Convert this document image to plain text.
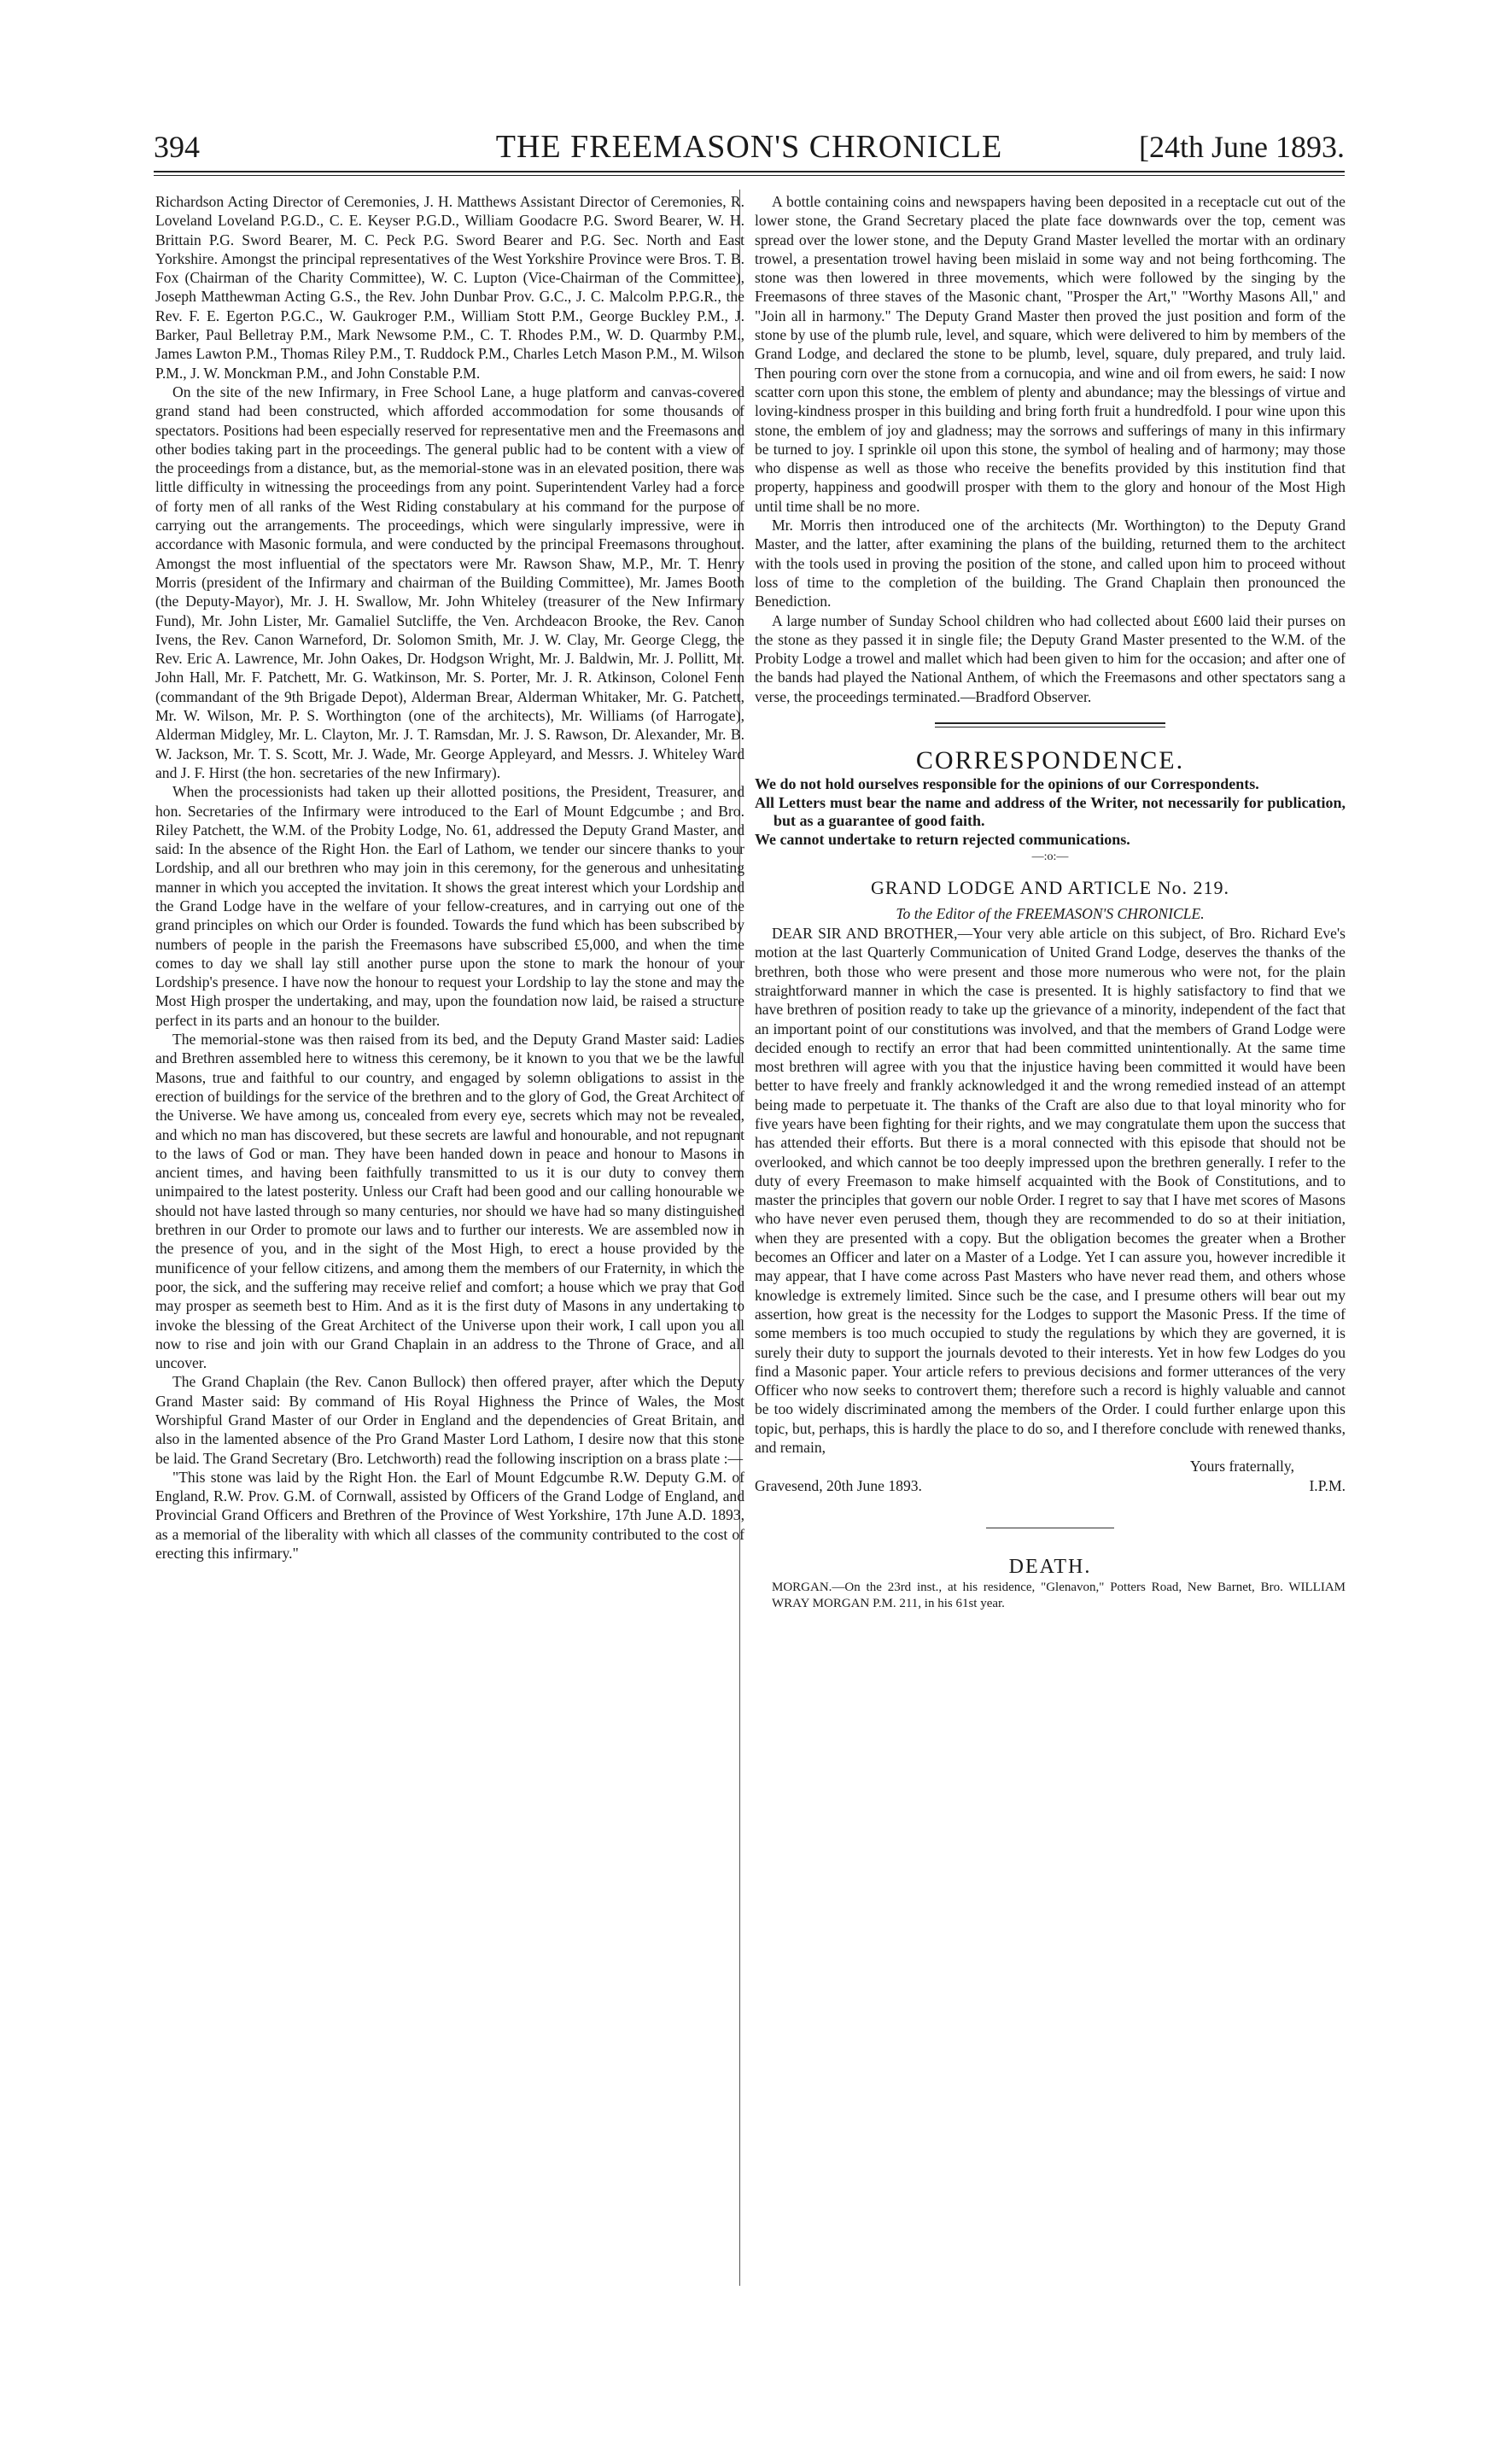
394	THE FREEMASON'S CHRONICLE	[24th June 1893.

Richardson Acting Director of Ceremonies, J. H. Matthews Assistant Director of Ceremonies, R. Loveland Loveland P.G.D., C. E. Keyser P.G.D., William Goodacre P.G. Sword Bearer, W. H. Brittain P.G. Sword Bearer, M. C. Peck P.G. Sword Bearer and P.G. Sec. North and East Yorkshire. Amongst the principal representatives of the West Yorkshire Province were Bros. T. B. Fox (Chairman of the Charity Committee), W. C. Lupton (Vice-Chairman of the Committee), Joseph Matthewman Acting G.S., the Rev. John Dunbar Prov. G.C., J. C. Malcolm P.P.G.R., the Rev. F. E. Egerton P.G.C., W. Gaukroger P.M., William Stott P.M., George Buckley P.M., J. Barker, Paul Belletray P.M., Mark Newsome P.M., C. T. Rhodes P.M., W. D. Quarmby P.M., James Lawton P.M., Thomas Riley P.M., T. Ruddock P.M., Charles Letch Mason P.M., M. Wilson P.M., J. W. Monckman P.M., and John Constable P.M.

On the site of the new Infirmary, in Free School Lane, a huge platform and canvas-covered grand stand had been constructed, which afforded accommodation for some thousands of spectators. Positions had been especially reserved for representative men and the Freemasons and other bodies taking part in the proceedings. The general public had to be content with a view of the proceedings from a distance, but, as the memorial-stone was in an elevated position, there was little difficulty in witnessing the proceedings from any point. Superintendent Varley had a force of forty men of all ranks of the West Riding constabulary at his command for the purpose of carrying out the arrangements. The proceedings, which were singularly impressive, were in accordance with Masonic formula, and were conducted by the principal Freemasons throughout. Amongst the most influential of the spectators were Mr. Rawson Shaw, M.P., Mr. T. Henry Morris (president of the Infirmary and chairman of the Building Committee), Mr. James Booth (the Deputy-Mayor), Mr. J. H. Swallow, Mr. John Whiteley (treasurer of the New Infirmary Fund), Mr. John Lister, Mr. Gamaliel Sutcliffe, the Ven. Archdeacon Brooke, the Rev. Canon Ivens, the Rev. Canon Warneford, Dr. Solomon Smith, Mr. J. W. Clay, Mr. George Clegg, the Rev. Eric A. Lawrence, Mr. John Oakes, Dr. Hodgson Wright, Mr. J. Baldwin, Mr. J. Pollitt, Mr. John Hall, Mr. F. Patchett, Mr. G. Watkinson, Mr. S. Porter, Mr. J. R. Atkinson, Colonel Fenn (commandant of the 9th Brigade Depot), Alderman Brear, Alderman Whitaker, Mr. G. Patchett, Mr. W. Wilson, Mr. P. S. Worthington (one of the architects), Mr. Williams (of Harrogate), Alderman Midgley, Mr. L. Clayton, Mr. J. T. Ramsdan, Mr. J. S. Rawson, Dr. Alexander, Mr. B. W. Jackson, Mr. T. S. Scott, Mr. J. Wade, Mr. George Appleyard, and Messrs. J. Whiteley Ward and J. F. Hirst (the hon. secretaries of the new Infirmary).

When the processionists had taken up their allotted positions, the President, Treasurer, and hon. Secretaries of the Infirmary were introduced to the Earl of Mount Edgcumbe ; and Bro. Riley Patchett, the W.M. of the Probity Lodge, No. 61, addressed the Deputy Grand Master, and said: In the absence of the Right Hon. the Earl of Lathom, we tender our sincere thanks to your Lordship, and all our brethren who may join in this ceremony, for the generous and unhesitating manner in which you accepted the invitation. It shows the great interest which your Lordship and the Grand Lodge have in the welfare of your fellow-creatures, and in carrying out one of the grand principles on which our Order is founded. Towards the fund which has been subscribed by numbers of people in the parish the Freemasons have subscribed £5,000, and when the time comes to day we shall lay still another purse upon the stone to mark the honour of your Lordship's presence. I have now the honour to request your Lordship to lay the stone and may the Most High prosper the undertaking, and may, upon the foundation now laid, be raised a structure perfect in its parts and an honour to the builder.

The memorial-stone was then raised from its bed, and the Deputy Grand Master said: Ladies and Brethren assembled here to witness this ceremony, be it known to you that we be the lawful Masons, true and faithful to our country, and engaged by solemn obligations to assist in the erection of buildings for the service of the brethren and to the glory of God, the Great Architect of the Universe. We have among us, concealed from every eye, secrets which may not be revealed, and which no man has discovered, but these secrets are lawful and honourable, and not repugnant to the laws of God or man. They have been handed down in peace and honour to Masons in ancient times, and having been faithfully transmitted to us it is our duty to convey them unimpaired to the latest posterity. Unless our Craft had been good and our calling honourable we should not have lasted through so many centuries, nor should we have had so many distinguished brethren in our Order to promote our laws and to further our interests. We are assembled now in the presence of you, and in the sight of the Most High, to erect a house provided by the munificence of your fellow citizens, and among them the members of our Fraternity, in which the poor, the sick, and the suffering may receive relief and comfort; a house which we pray that God may prosper as seemeth best to Him. And as it is the first duty of Masons in any undertaking to invoke the blessing of the Great Architect of the Universe upon their work, I call upon you all now to rise and join with our Grand Chaplain in an address to the Throne of Grace, and all uncover.

The Grand Chaplain (the Rev. Canon Bullock) then offered prayer, after which the Deputy Grand Master said: By command of His Royal Highness the Prince of Wales, the Most Worshipful Grand Master of our Order in England and the dependencies of Great Britain, and also in the lamented absence of the Pro Grand Master Lord Lathom, I desire now that this stone be laid. The Grand Secretary (Bro. Letchworth) read the following inscription on a brass plate :—

"This stone was laid by the Right Hon. the Earl of Mount Edgcumbe R.W. Deputy G.M. of England, R.W. Prov. G.M. of Cornwall, assisted by Officers of the Grand Lodge of England, and Provincial Grand Officers and Brethren of the Province of West Yorkshire, 17th June A.D. 1893, as a memorial of the liberality with which all classes of the community contributed to the cost of erecting this infirmary."

A bottle containing coins and newspapers having been deposited in a receptacle cut out of the lower stone, the Grand Secretary placed the plate face downwards over the top, cement was spread over the lower stone, and the Deputy Grand Master levelled the mortar with an ordinary trowel, a presentation trowel having been mislaid in some way and not being forthcoming. The stone was then lowered in three movements, which were followed by the singing by the Freemasons of three staves of the Masonic chant, "Prosper the Art," "Worthy Masons All," and "Join all in harmony." The Deputy Grand Master then proved the just position and form of the stone by use of the plumb rule, level, and square, which were delivered to him by members of the Grand Lodge, and declared the stone to be plumb, level, square, duly prepared, and truly laid. Then pouring corn over the stone from a cornucopia, and wine and oil from ewers, he said: I now scatter corn upon this stone, the emblem of plenty and abundance; may the blessings of virtue and loving-kindness prosper in this building and bring forth fruit a hundredfold. I pour wine upon this stone, the emblem of joy and gladness; may the sorrows and sufferings of many in this infirmary be turned to joy. I sprinkle oil upon this stone, the symbol of healing and of harmony; may those who dispense as well as those who receive the benefits provided by this institution find that property, happiness and goodwill prosper with them to the glory and honour of the Most High until time shall be no more.

Mr. Morris then introduced one of the architects (Mr. Worthington) to the Deputy Grand Master, and the latter, after examining the plans of the building, returned them to the architect with the tools used in proving the position of the stone, and called upon him to proceed without loss of time to the completion of the building. The Grand Chaplain then pronounced the Benediction.

A large number of Sunday School children who had collected about £600 laid their purses on the stone as they passed it in single file; the Deputy Grand Master presented to the W.M. of the Probity Lodge a trowel and mallet which had been given to him for the occasion; and after one of the bands had played the National Anthem, of which the Freemasons and other spectators sang a verse, the proceedings terminated.—Bradford Observer.

CORRESPONDENCE.

We do not hold ourselves responsible for the opinions of our Correspondents.

All Letters must bear the name and address of the Writer, not necessarily for publication, but as a guarantee of good faith.

We cannot undertake to return rejected communications.

—:o:—
GRAND LODGE AND ARTICLE No. 219.
To the Editor of the FREEMASON'S CHRONICLE.

DEAR SIR AND BROTHER,—Your very able article on this subject, of Bro. Richard Eve's motion at the last Quarterly Communication of United Grand Lodge, deserves the thanks of the brethren, both those who were present and those more numerous who were not, for the plain straightforward manner in which the case is presented. It is highly satisfactory to find that we have brethren of position ready to take up the grievance of a minority, independent of the fact that an important point of our constitutions was involved, and that the members of Grand Lodge were decided enough to rectify an error that had been committed unintentionally. At the same time most brethren will agree with you that the injustice having been committed it would have been better to have freely and frankly acknowledged it and the wrong remedied instead of an attempt being made to perpetuate it. The thanks of the Craft are also due to that loyal minority who for five years have been fighting for their rights, and we may congratulate them upon the success that has attended their efforts. But there is a moral connected with this episode that should not be overlooked, and which cannot be too deeply impressed upon the brethren generally. I refer to the duty of every Freemason to make himself acquainted with the Book of Constitutions, and to master the principles that govern our noble Order. I regret to say that I have met scores of Masons who have never even perused them, though they are recommended to do so at their initiation, when they are presented with a copy. But the obligation becomes the greater when a Brother becomes an Officer and later on a Master of a Lodge. Yet I can assure you, however incredible it may appear, that I have come across Past Masters who have never read them, and others whose knowledge is extremely limited. Since such be the case, and I presume others will bear out my assertion, how great is the necessity for the Lodges to support the Masonic Press. If the time of some members is too much occupied to study the regulations by which they are governed, it is surely their duty to support the journals devoted to their interests. Yet in how few Lodges do you find a Masonic paper. Your article refers to previous decisions and former utterances of the very Officer who now seeks to controvert them; therefore such a record is highly valuable and cannot be too widely discriminated among the members of the Order. I could further enlarge upon this topic, but, perhaps, this is hardly the place to do so, and I therefore conclude with renewed thanks, and remain,

Yours fraternally,

Gravesend, 20th June 1893.	I.P.M.

DEATH.

MORGAN.—On the 23rd inst., at his residence, "Glenavon," Potters Road, New Barnet, Bro. WILLIAM WRAY MORGAN P.M. 211, in his 61st year.
